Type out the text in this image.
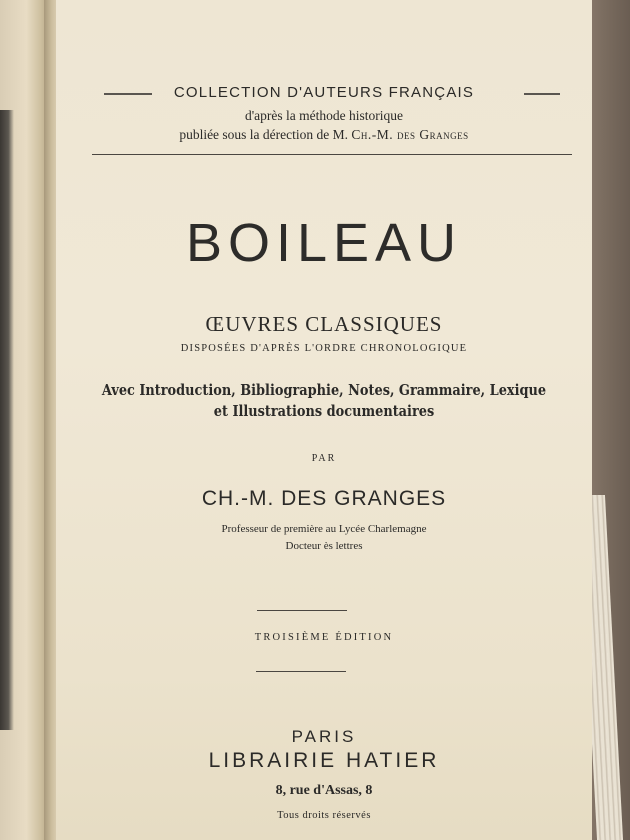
COLLECTION D'AUTEURS FRANÇAIS
d'après la méthode historique
publiée sous la dérection de M. Ch.-M. des Granges
BOILEAU
ŒUVRES CLASSIQUES
DISPOSÉES D'APRÈS L'ORDRE CHRONOLOGIQUE
Avec Introduction, Bibliographie, Notes, Grammaire, Lexique
et Illustrations documentaires
PAR
CH.-M. DES GRANGES
Professeur de première au Lycée Charlemagne
Docteur ès lettres
TROISIÈME ÉDITION
PARIS
LIBRAIRIE HATIER
8, rue d'Assas, 8
Tous droits réservés
